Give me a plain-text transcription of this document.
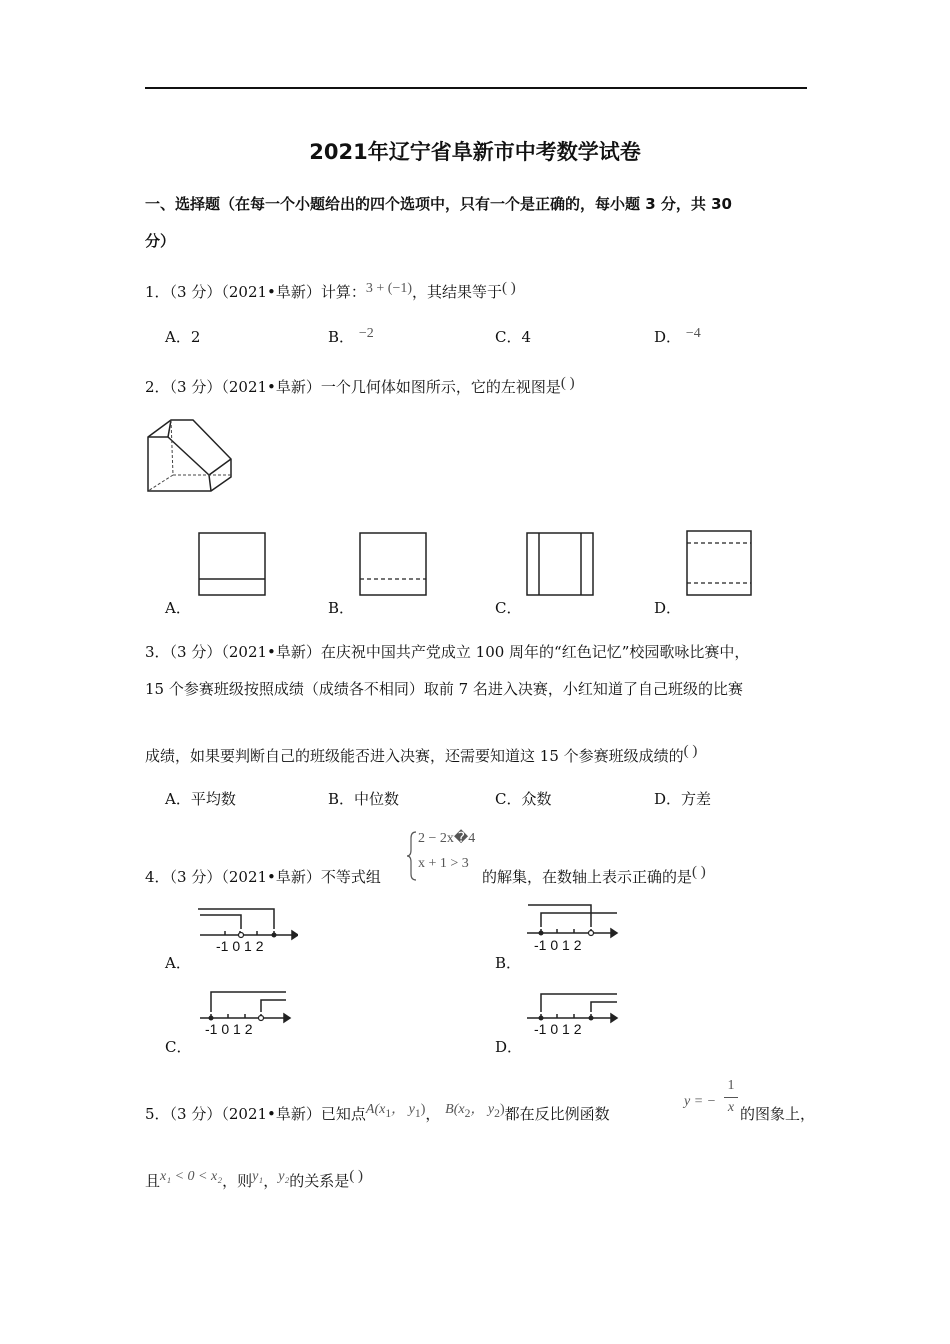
2021年辽宁省阜新市中考数学试卷
一、选择题（在每一个小题给出的四个选项中，只有一个是正确的，每小题 3 分，共 30
分）
1．（3 分）（2021•阜新）计算：3 + (−1)，其结果等于( )
A．2	B． −2	C．4	D． −4
2．（3 分）（2021•阜新）一个几何体如图所示，它的左视图是( )
A．	B．	C．	D．
3．（3 分）（2021•阜新）在庆祝中国共产党成立 100 周年的“红色记忆”校园歌咏比赛中，
15 个参赛班级按照成绩（成绩各不相同）取前 7 名进入决赛，小红知道了自己班级的比赛
成绩，如果要判断自己的班级能否进入决赛，还需要知道这 15 个参赛班级成绩的( )
A．平均数	B．中位数	C．众数	D．方差
4．（3 分）（2021•阜新）不等式组
2 − 2x�4
x + 1 > 3
的解集，在数轴上表示正确的是( )
-1 0 1 2
A．
-1 0 1 2
B．
-1 0 1 2
C．
-1 0 1 2
D．
5．（3 分）（2021•阜新）已知点$A(x_1$， $y_1$)， $B(x_2$， $y_2$)都在反比例函数
y = −
1
x 的图象上，
且x₁ < 0 < x₂，则y₁，y₂的关系是( )
